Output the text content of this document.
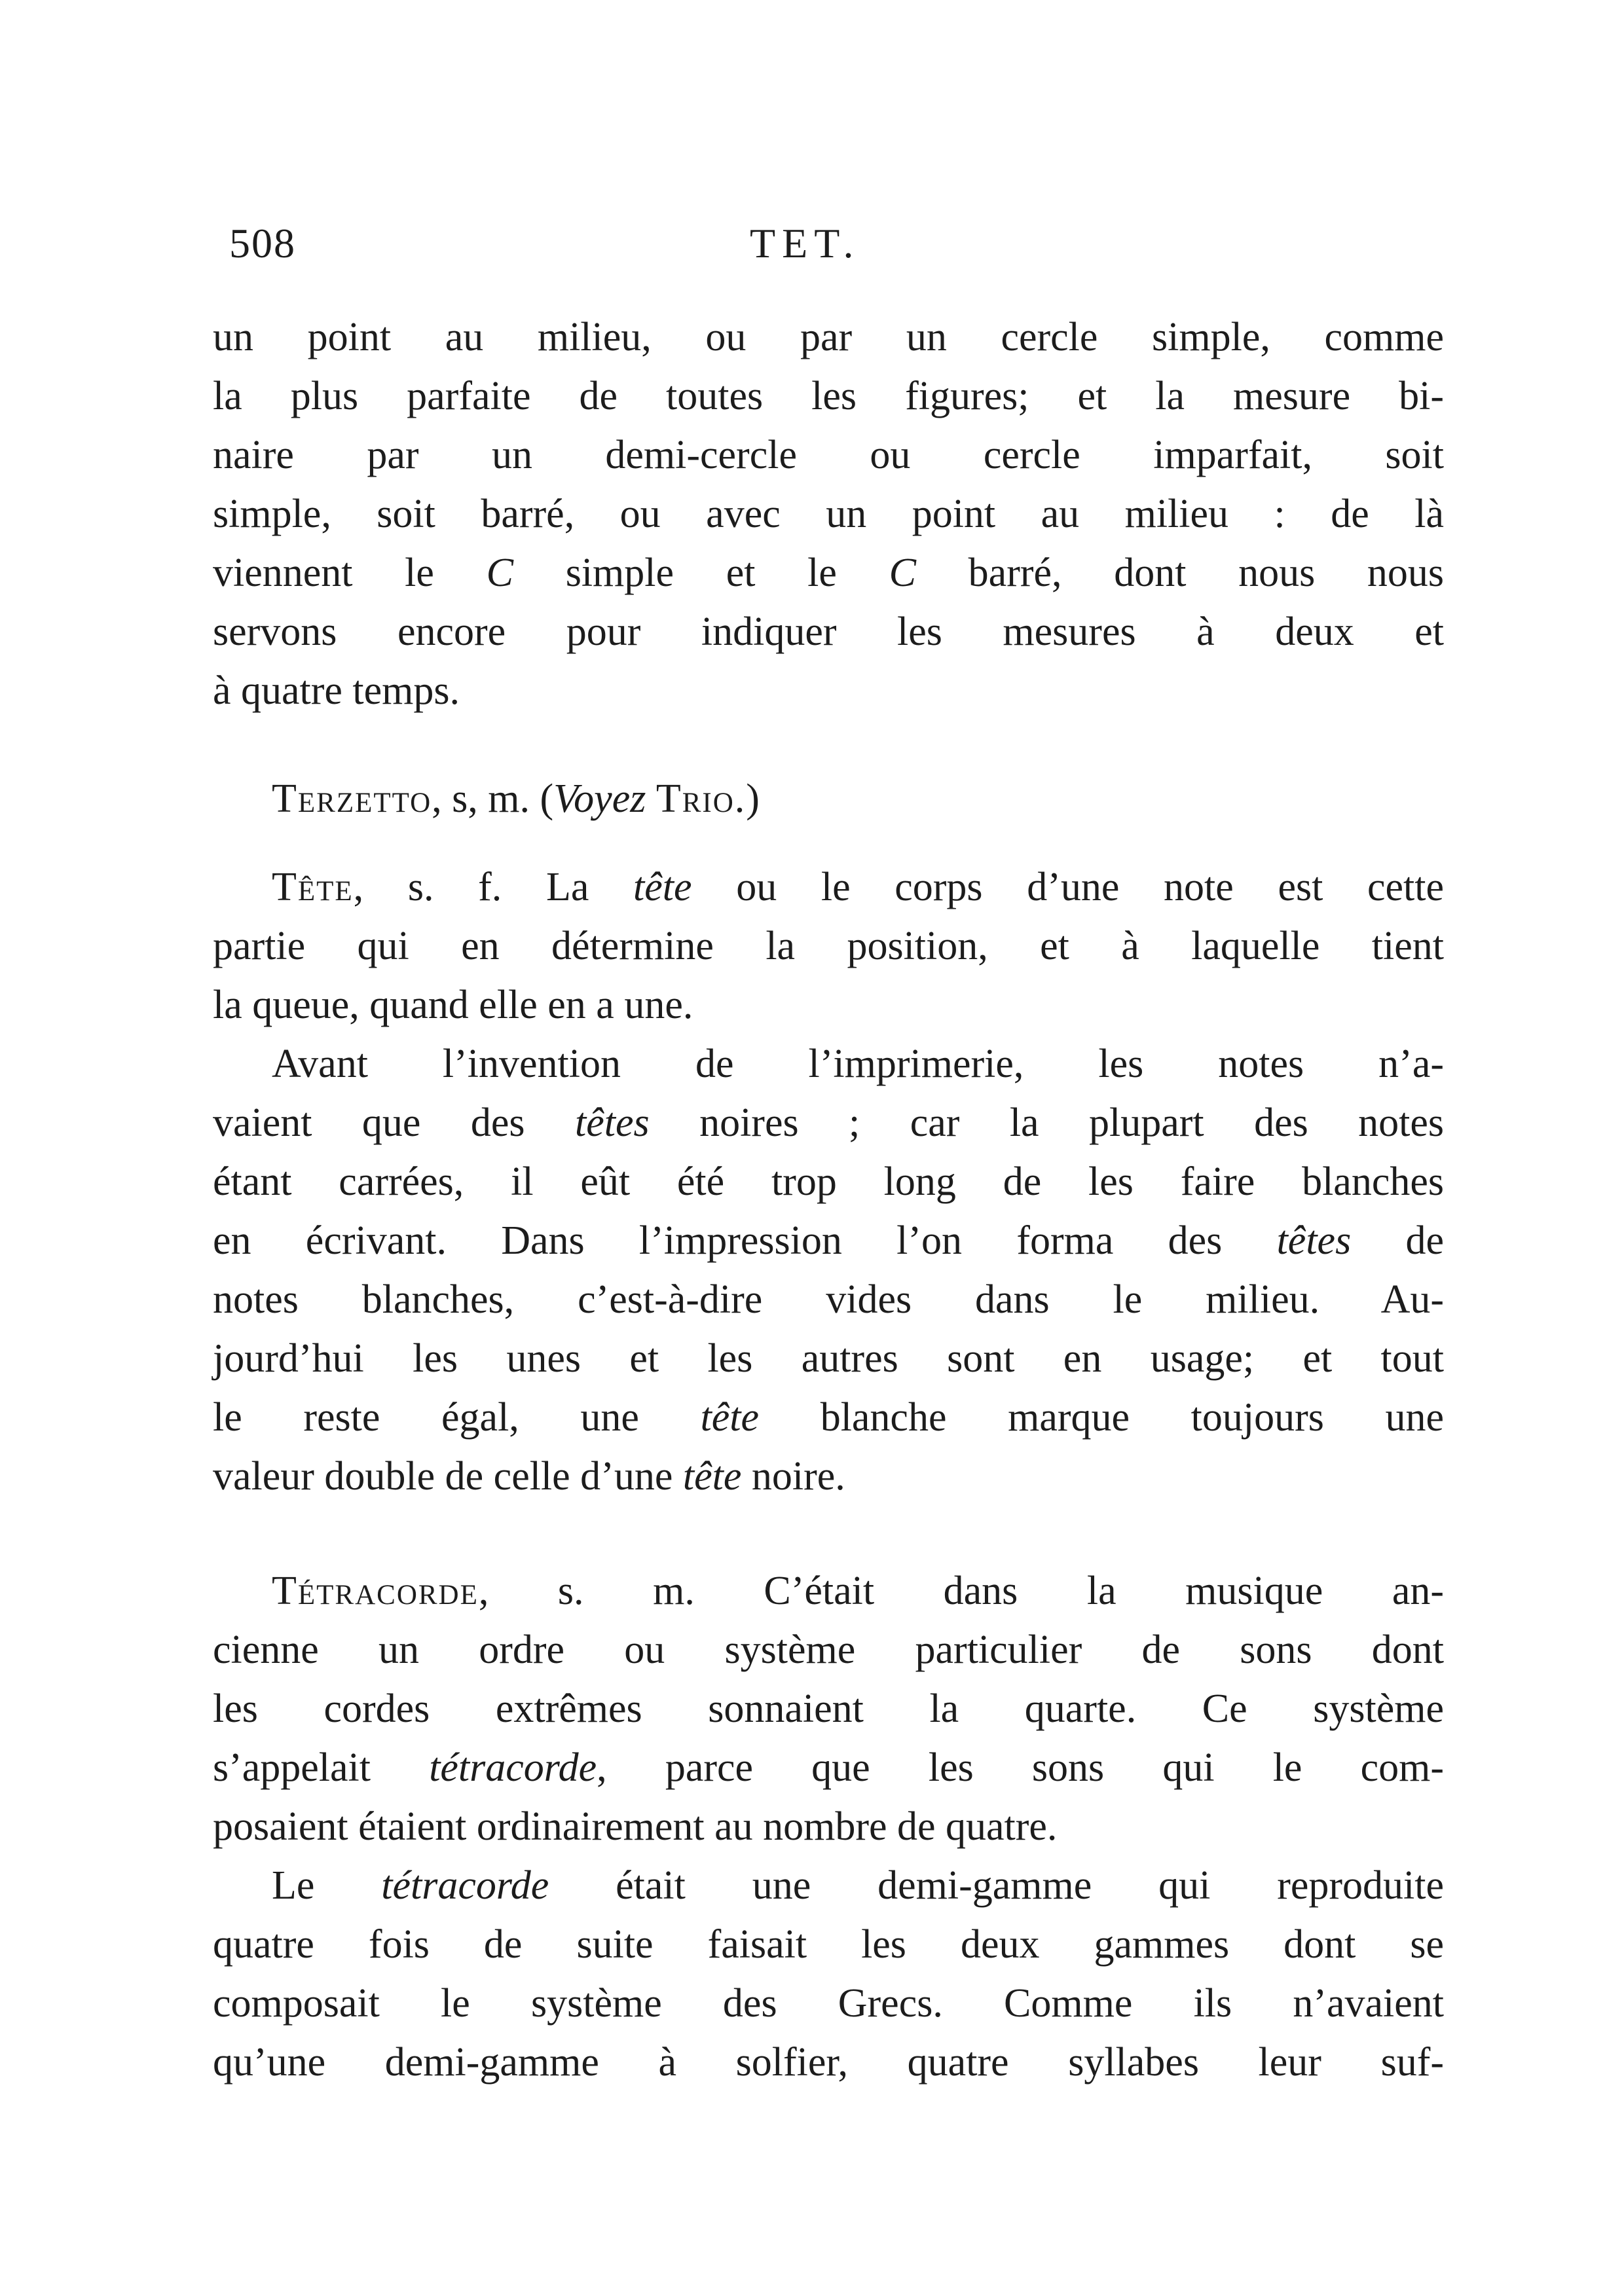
508	TET.
un point au milieu, ou par un cercle simple, comme
la plus parfaite de toutes les figures; et la mesure bi-
naire par un demi-cercle ou cercle imparfait, soit
simple, soit barré, ou avec un point au milieu : de là
viennent le C simple et le C barré, dont nous nous
servons encore pour indiquer les mesures à deux et
à quatre temps.
Terzetto, s, m. (Voyez Trio.)
Tête, s. f. La tête ou le corps d’une note est cette
partie qui en détermine la position, et à laquelle tient
la queue, quand elle en a une.
Avant l’invention de l’imprimerie, les notes n’a-
vaient que des têtes noires ; car la plupart des notes
étant carrées, il eût été trop long de les faire blanches
en écrivant. Dans l’impression l’on forma des têtes de
notes blanches, c’est-à-dire vides dans le milieu. Au-
jourd’hui les unes et les autres sont en usage; et tout
le reste égal, une tête blanche marque toujours une
valeur double de celle d’une tête noire.
Tétracorde, s. m. C’était dans la musique an-
cienne un ordre ou système particulier de sons dont
les cordes extrêmes sonnaient la quarte. Ce système
s’appelait tétracorde, parce que les sons qui le com-
posaient étaient ordinairement au nombre de quatre.
Le tétracorde était une demi-gamme qui reproduite
quatre fois de suite faisait les deux gammes dont se
composait le système des Grecs. Comme ils n’avaient
qu’une demi-gamme à solfier, quatre syllabes leur suf-
